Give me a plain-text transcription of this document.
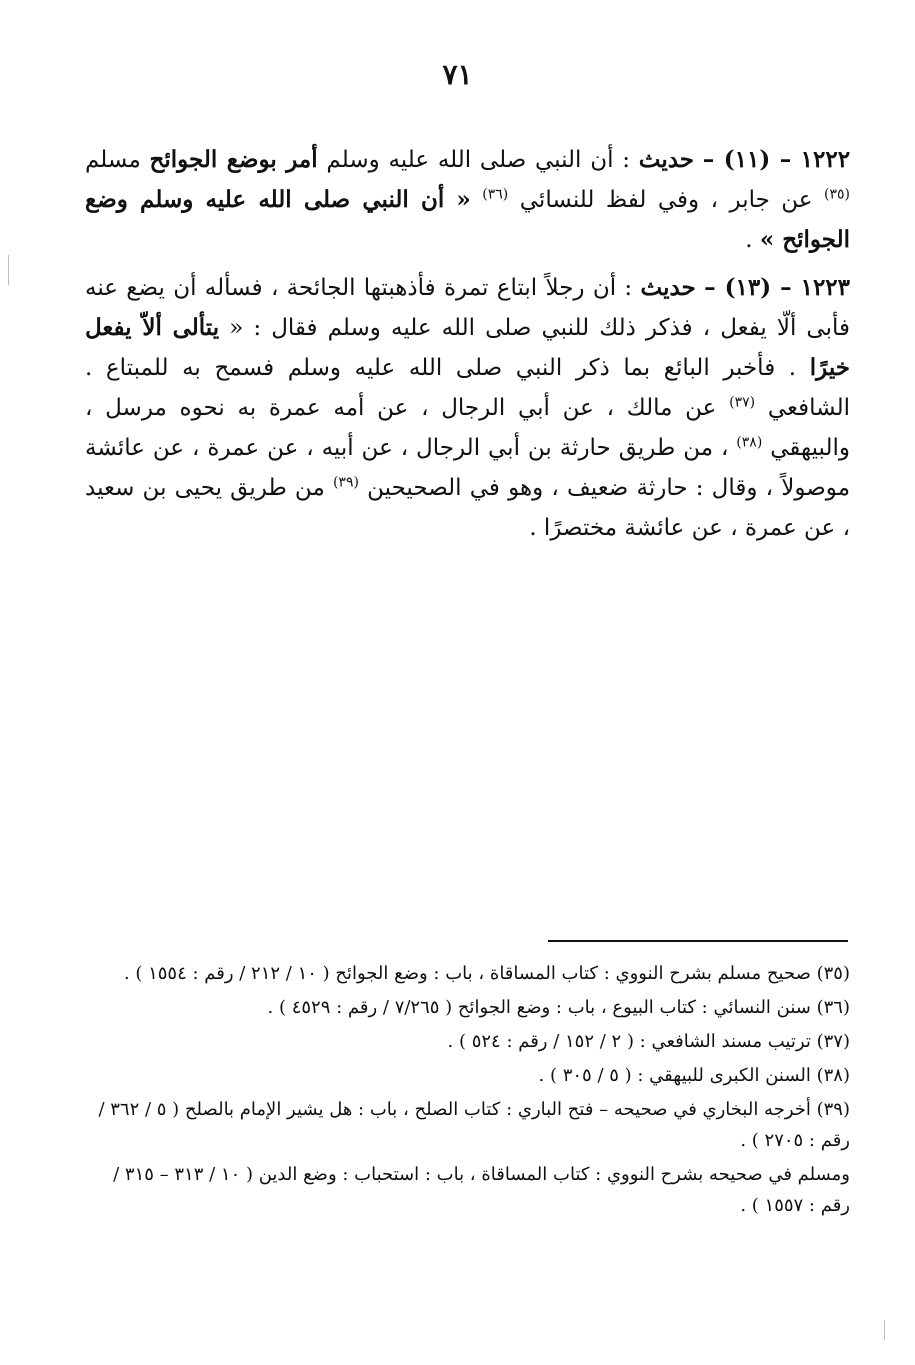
٧١

١٢٢٢ – (١١) – حديث : أن النبي صلى الله عليه وسلم أمر بوضع الجوائح مسلم $^{(٣٥)}$ عن جابر ، وفي لفظ للنسائي $^{(٣٦)}$ « أن النبي صلى الله عليه وسلم وضع الجوائح » .

١٢٢٣ – (١٣) – حديث : أن رجلاً ابتاع تمرة فأذهبتها الجائحة ، فسأله أن يضع عنه فأبى ألّا يفعل ، فذكر ذلك للنبي صلى الله عليه وسلم فقال : « يتألى ألاّ يفعل خيرًا . فأخبر البائع بما ذكر النبي صلى الله عليه وسلم فسمح به للمبتاع . الشافعي $^{(٣٧)}$ عن مالك ، عن أبي الرجال ، عن أمه عمرة به نحوه مرسل ، والبيهقي $^{(٣٨)}$ ، من طريق حارثة بن أبي الرجال ، عن أبيه ، عن عمرة ، عن عائشة موصولاً ، وقال : حارثة ضعيف ، وهو في الصحيحين $^{(٣٩)}$ من طريق يحيى بن سعيد ، عن عمرة ، عن عائشة مختصرًا .

(٣٥) صحيح مسلم بشرح النووي : كتاب المساقاة ، باب : وضع الجوائح ( ١٠ / ٢١٢ / رقم : ١٥٥٤ ) .

(٣٦) سنن النسائي : كتاب البيوع ، باب : وضع الجوائح ( ٧/٢٦٥ / رقم : ٤٥٢٩ ) .

(٣٧) ترتيب مسند الشافعي : ( ٢ / ١٥٢ / رقم : ٥٢٤ ) .

(٣٨) السنن الكبرى للبيهقي : ( ٥ / ٣٠٥ ) .

(٣٩) أخرجه البخاري في صحيحه – فتح الباري : كتاب الصلح ، باب : هل يشير الإمام بالصلح ( ٥ / ٣٦٢ / رقم : ٢٧٠٥ ) .

ومسلم في صحيحه بشرح النووي : كتاب المساقاة ، باب : استحباب : وضع الدين ( ١٠ / ٣١٣ – ٣١٥ / رقم : ١٥٥٧ ) .
